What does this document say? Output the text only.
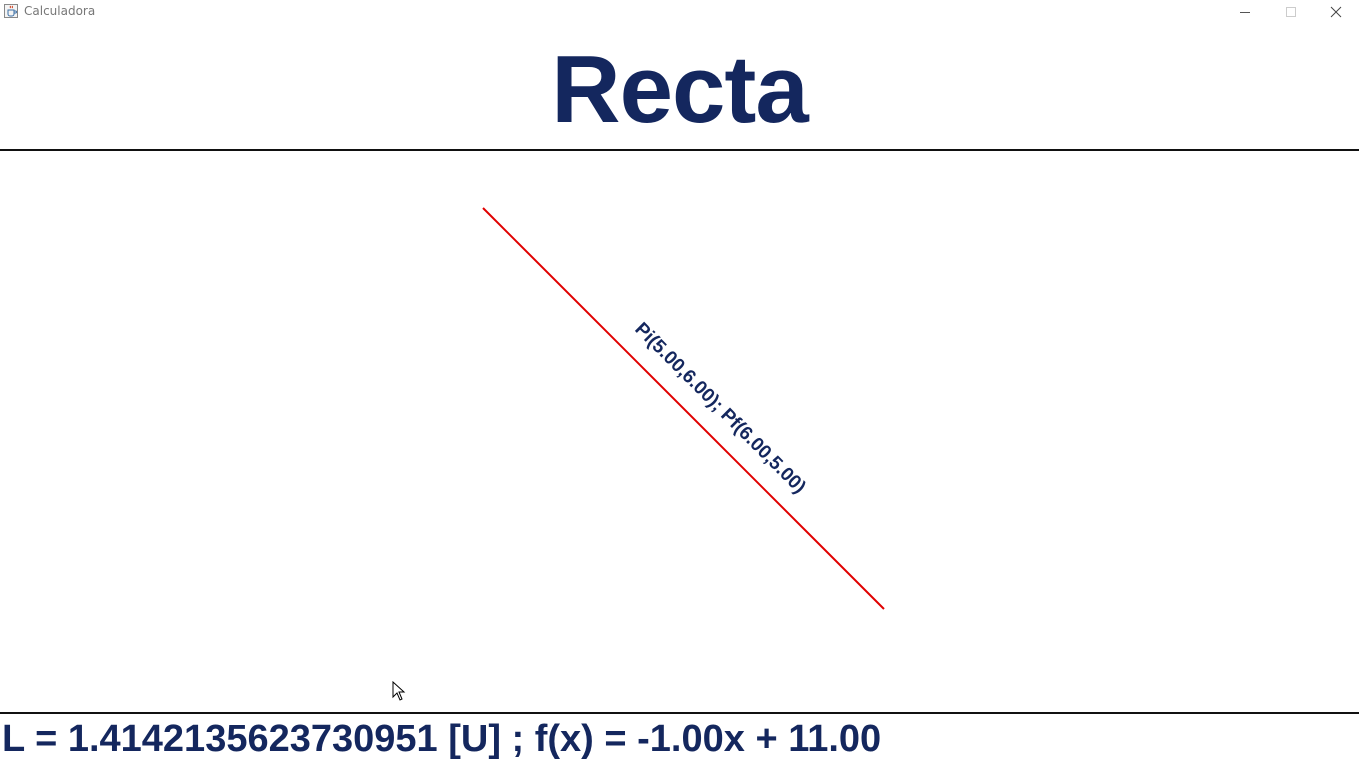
Calculadora
Recta
Pi(5.00,6.00); Pf(6.00,5.00)
L = 1.4142135623730951 [U] ; f(x) = -1.00x + 11.00
